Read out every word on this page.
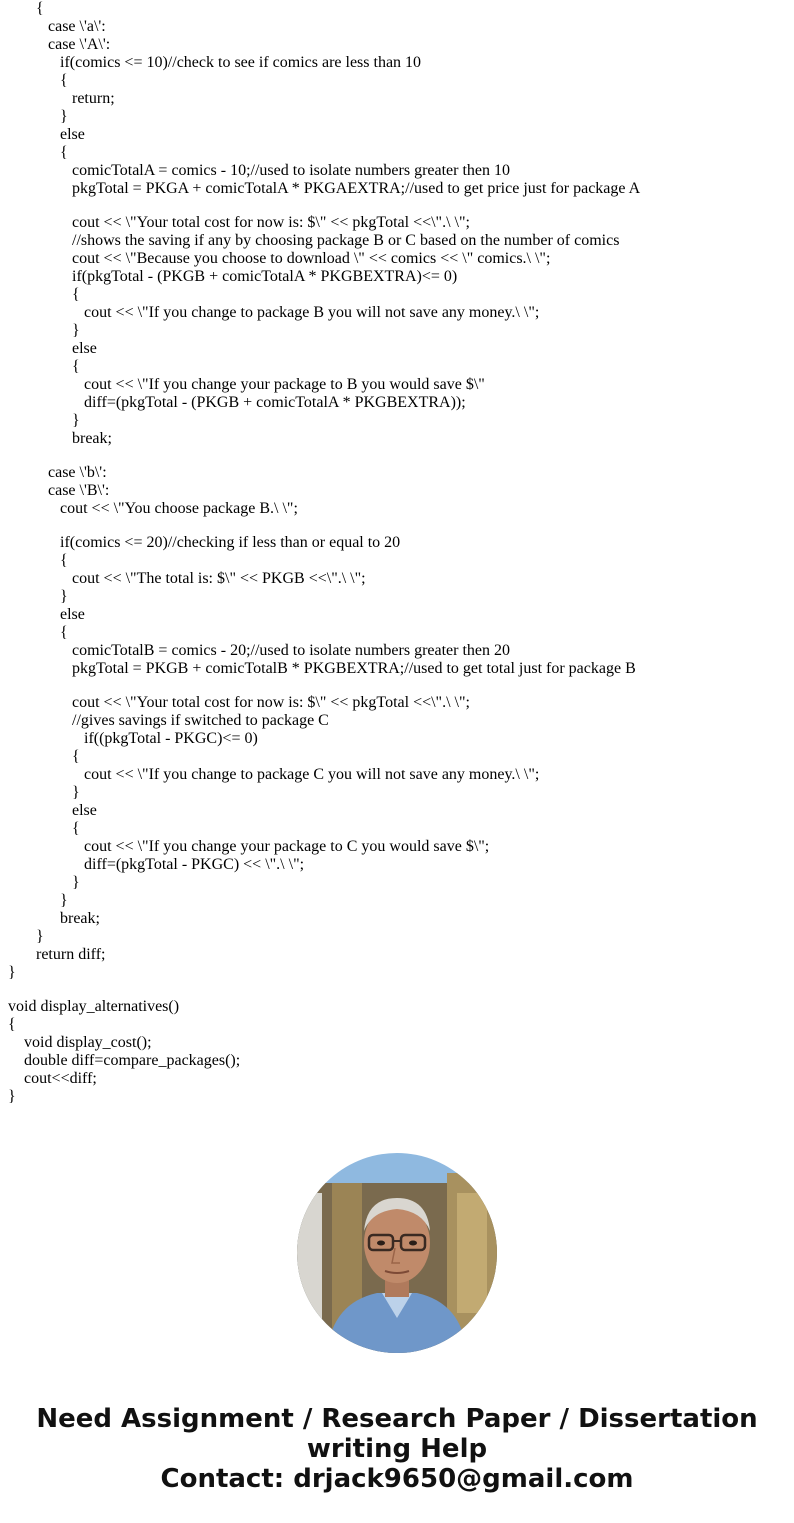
{
case \'a\':
case \'A\':
if(comics <= 10)//check to see if comics are less than 10
{
return;
}
else
{
comicTotalA = comics - 10;//used to isolate numbers greater then 10
pkgTotal = PKGA + comicTotalA * PKGAEXTRA;//used to get price just for package A
cout << \"Your total cost for now is: $\" << pkgTotal <<\".\ \";
//shows the saving if any by choosing package B or C based on the number of comics
cout << \"Because you choose to download \" << comics << \" comics.\ \";
if(pkgTotal - (PKGB + comicTotalA * PKGBEXTRA)<= 0)
{
cout << \"If you change to package B you will not save any money.\ \";
}
else
{
cout << \"If you change your package to B you would save $\"
diff=(pkgTotal - (PKGB + comicTotalA * PKGBEXTRA));
}
break;
case \'b\':
case \'B\':
cout << \"You choose package B.\ \";
if(comics <= 20)//checking if less than or equal to 20
{
cout << \"The total is: $\" << PKGB <<\".\ \";
}
else
{
comicTotalB = comics - 20;//used to isolate numbers greater then 20
pkgTotal = PKGB + comicTotalB * PKGBEXTRA;//used to get total just for package B
cout << \"Your total cost for now is: $\" << pkgTotal <<\".\ \";
//gives savings if switched to package C
if((pkgTotal - PKGC)<= 0)
{
cout << \"If you change to package C you will not save any money.\ \";
}
else
{
cout << \"If you change your package to C you would save $\";
diff=(pkgTotal - PKGC) << \".\ \";
}
}
break;
}
return diff;
}
void display_alternatives()
{
void display_cost();
double diff=compare_packages();
cout<<diff;
}
Need Assignment / Research Paper / Dissertation
writing Help
Contact: drjack9650@gmail.com
